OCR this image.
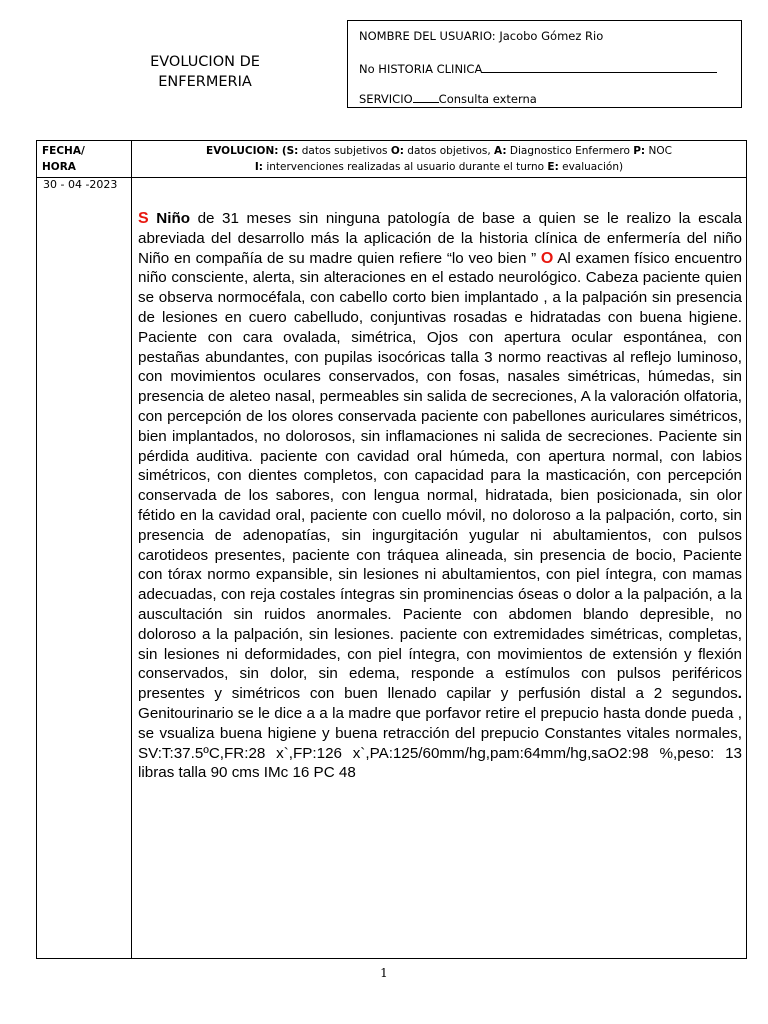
EVOLUCION DE
ENFERMERIA
NOMBRE DEL USUARIO: Jacobo Gómez Rio
No HISTORIA CLINICA
SERVICIO Consulta externa
FECHA/
HORA
EVOLUCION: (S: datos subjetivos O: datos objetivos, A: Diagnostico Enfermero P: NOC
I: intervenciones realizadas al usuario durante el turno E: evaluación)
30 - 04 -2023
S Niño de 31 meses sin ninguna patología de base a quien se le realizo la escala abreviada del desarrollo más la aplicación de la historia clínica de enfermería del niño Niño en compañía de su madre quien refiere “lo veo bien ” O Al examen físico encuentro niño consciente, alerta, sin alteraciones en el estado neurológico. Cabeza paciente quien se observa normocéfala, con cabello corto bien implantado , a la palpación sin presencia de lesiones en cuero cabelludo, conjuntivas rosadas e hidratadas con buena higiene. Paciente con cara ovalada, simétrica, Ojos con apertura ocular espontánea, con pestañas abundantes, con pupilas isocóricas talla 3 normo reactivas al reflejo luminoso, con movimientos oculares conservados, con fosas, nasales simétricas, húmedas, sin presencia de aleteo nasal, permeables sin salida de secreciones, A la valoración olfatoria, con percepción de los olores conservada paciente con pabellones auriculares simétricos, bien implantados, no dolorosos, sin inflamaciones ni salida de secreciones. Paciente sin pérdida auditiva. paciente con cavidad oral húmeda, con apertura normal, con labios simétricos, con dientes completos, con capacidad para la masticación, con percepción conservada de los sabores, con lengua normal, hidratada, bien posicionada, sin olor fétido en la cavidad oral, paciente con cuello móvil, no doloroso a la palpación, corto, sin presencia de adenopatías, sin ingurgitación yugular ni abultamientos, con pulsos carotideos presentes, paciente con tráquea alineada, sin presencia de bocio, Paciente con tórax normo expansible, sin lesiones ni abultamientos, con piel íntegra, con mamas adecuadas, con reja costales íntegras sin prominencias óseas o dolor a la palpación, a la auscultación sin ruidos anormales. Paciente con abdomen blando depresible, no doloroso a la palpación, sin lesiones. paciente con extremidades simétricas, completas, sin lesiones ni deformidades, con piel íntegra, con movimientos de extensión y flexión conservados, sin dolor, sin edema, responde a estímulos con pulsos periféricos presentes y simétricos con buen llenado capilar y perfusión distal a 2 segundos. Genitourinario se le dice a a la madre que porfavor retire el prepucio hasta donde pueda , se vsualiza buena higiene y buena retracción del prepucio Constantes vitales normales, SV:T:37.5ºC,FR:28 x`,FP:126 x`,PA:125/60mm/hg,pam:64mm/hg,saO2:98 %,peso: 13 libras talla 90 cms IMc 16 PC 48
1
